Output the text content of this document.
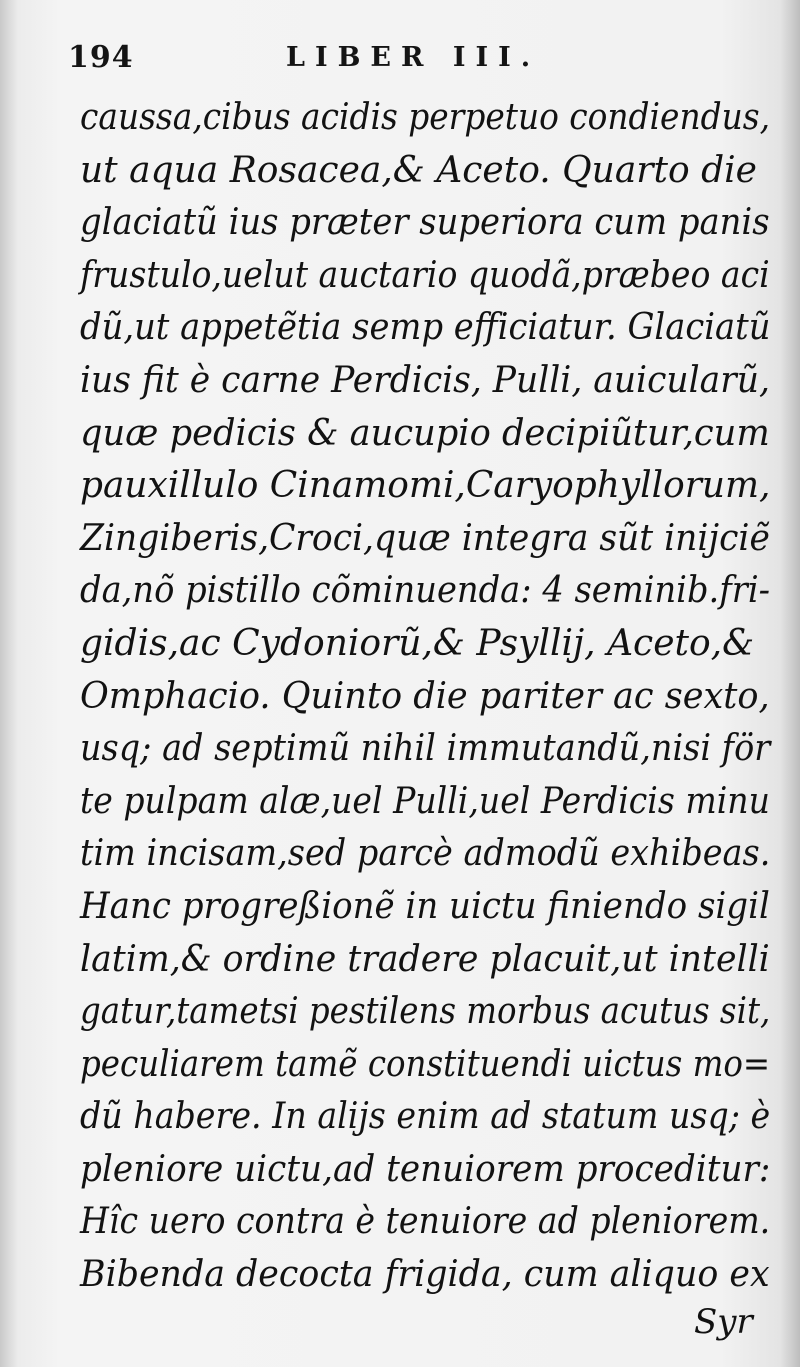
194	LIBER III.
caussa,cibus acidis perpetuo condiendus,
ut aqua Rosacea,& Aceto. Quarto die
glaciatũ ius præter superiora cum panis
frustulo,uelut auctario quodã,præbeo aci
dũ,ut appetẽtia semp efficiatur. Glaciatũ
ius fit è carne Perdicis, Pulli, auicularũ,
quæ pedicis & aucupio decipiũtur,cum
pauxillulo Cinamomi,Caryophyllorum,
Zingiberis,Croci,quæ integra sũt inijciẽ
da,nõ pistillo cõminuenda: 4 seminib.fri-
gidis,ac Cydoniorũ,& Psyllij, Aceto,&
Omphacio. Quinto die pariter ac sexto,
usq; ad septimũ nihil immutandũ,nisi för
te pulpam alæ,uel Pulli,uel Perdicis minu
tim incisam,sed parcè admodũ exhibeas.
Hanc progreßionẽ in uictu finiendo sigil
latim,& ordine tradere placuit,ut intelli
gatur,tametsi pestilens morbus acutus sit,
peculiarem tamẽ constituendi uictus mo=
dũ habere. In alijs enim ad statum usq; è
pleniore uictu,ad tenuiorem proceditur:
Hîc uero contra è tenuiore ad pleniorem.
Bibenda decocta frigida, cum aliquo ex
Syr
